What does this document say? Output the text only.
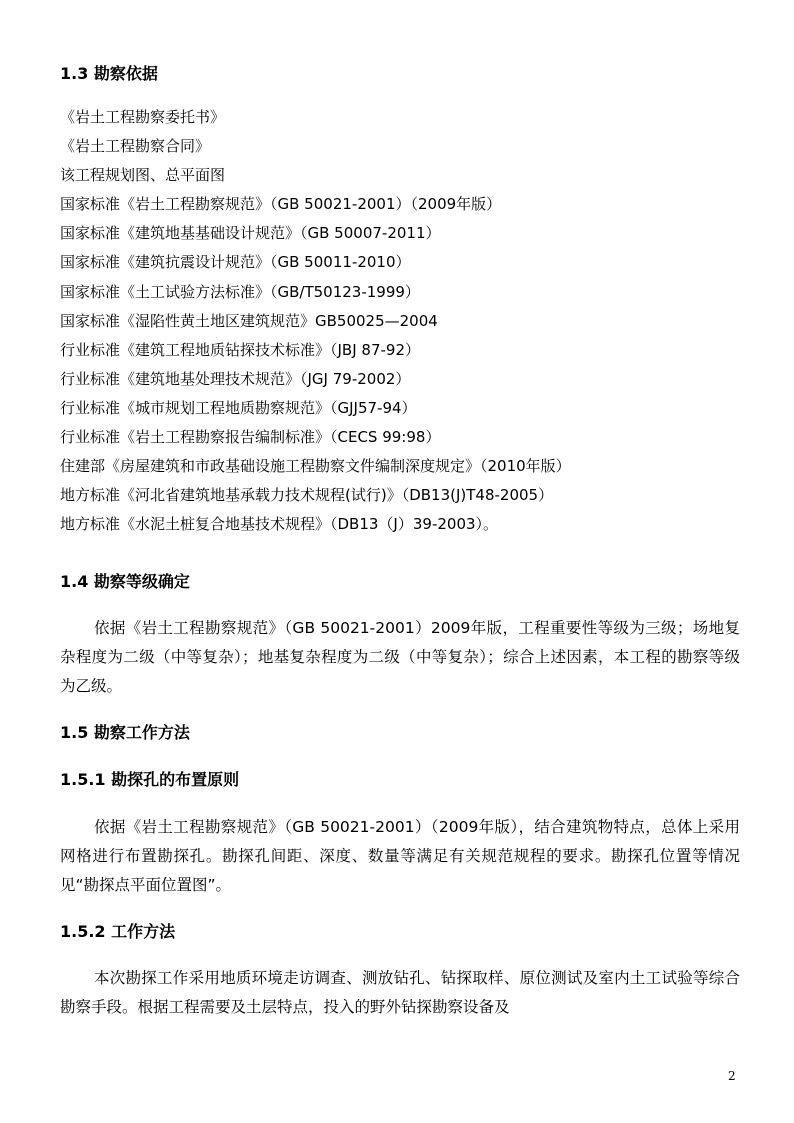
1.3 勘察依据
《岩土工程勘察委托书》
《岩土工程勘察合同》
该工程规划图、总平面图
国家标准《岩土工程勘察规范》（GB 50021-2001）（2009年版）
国家标准《建筑地基基础设计规范》（GB 50007-2011）
国家标准《建筑抗震设计规范》（GB 50011-2010）
国家标准《土工试验方法标准》（GB/T50123-1999）
国家标准《湿陷性黄土地区建筑规范》GB50025—2004
行业标准《建筑工程地质钻探技术标准》（JBJ 87-92）
行业标准《建筑地基处理技术规范》（JGJ 79-2002）
行业标准《城市规划工程地质勘察规范》（GJJ57-94）
行业标准《岩土工程勘察报告编制标准》（CECS 99:98）
住建部《房屋建筑和市政基础设施工程勘察文件编制深度规定》（2010年版）
地方标准《河北省建筑地基承载力技术规程(试行)》（DB13(J)T48-2005）
地方标准《水泥土桩复合地基技术规程》（DB13（J）39-2003）。
1.4 勘察等级确定

依据《岩土工程勘察规范》（GB 50021-2001）2009年版，工程重要性等级为三级；场地复杂程度为二级（中等复杂）；地基复杂程度为二级（中等复杂）；综合上述因素，本工程的勘察等级为乙级。

1.5 勘察工作方法
1.5.1 勘探孔的布置原则

依据《岩土工程勘察规范》（GB 50021-2001）（2009年版），结合建筑物特点，总体上采用网格进行布置勘探孔。勘探孔间距、深度、数量等满足有关规范规程的要求。勘探孔位置等情况见“勘探点平面位置图”。

1.5.2 工作方法

本次勘探工作采用地质环境走访调查、测放钻孔、钻探取样、原位测试及室内土工试验等综合勘察手段。根据工程需要及土层特点，投入的野外钻探勘察设备及

2
